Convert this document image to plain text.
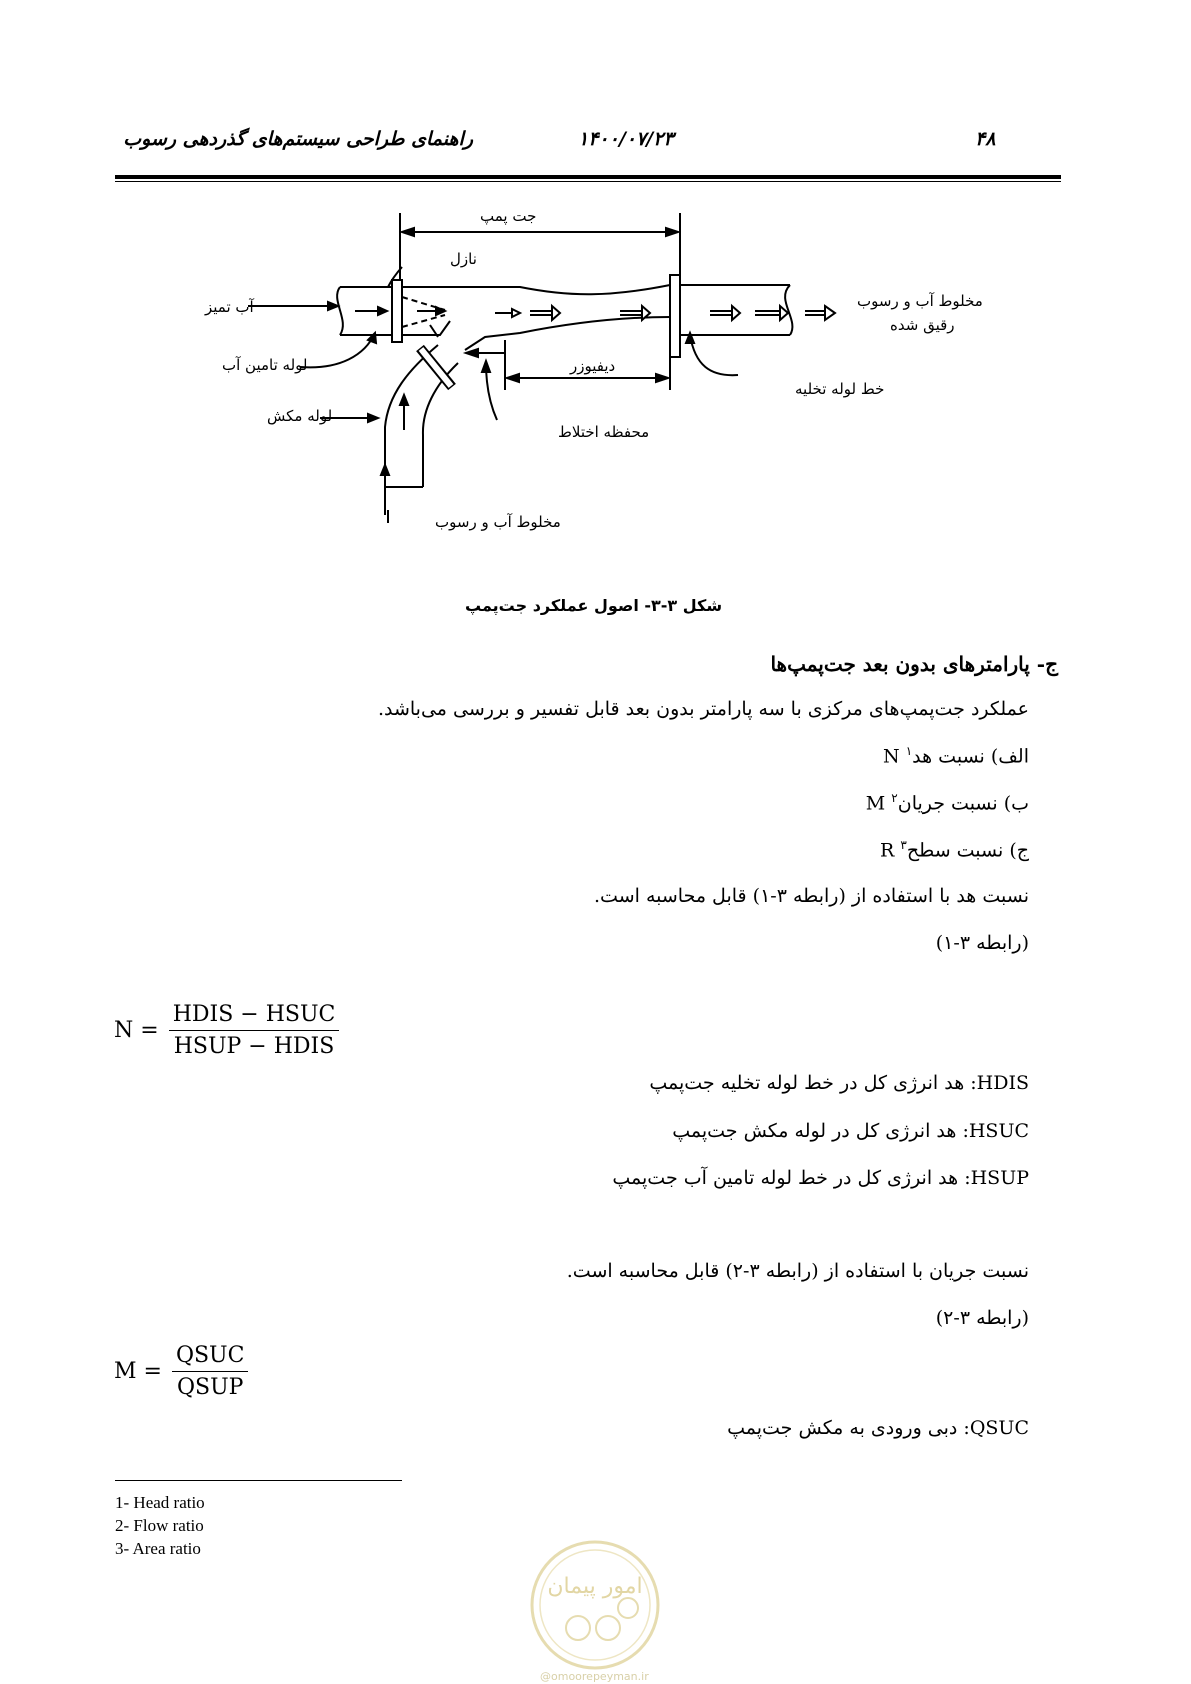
۴۸
۱۴۰۰/۰۷/۲۳
راهنمای طراحی سیستم‌های گذردهی رسوب
جت پمپ
نازل
آب تمیز
لوله تامین آب
لوله مکش
دیفیوزر
محفظه اختلاط
خط لوله تخلیه
مخلوط آب و رسوب
رقیق شده
مخلوط آب و رسوب
شکل ۳-۳- اصول عملکرد جت‌پمپ
ج- پارامترهای بدون بعد جت‌پمپ‌ها
عملکرد جت‌پمپ‌های مرکزی با سه پارامتر بدون بعد قابل تفسیر و بررسی می‌باشد.
الف) نسبت هد$^۱$ N
ب) نسبت جریان$^۲$ M
ج) نسبت سطح$^۳$ R
نسبت هد با استفاده از (رابطه ۳-۱) قابل محاسبه است.
(رابطه ۳-۱)
$N = \frac{\text{HDIS − HSUC}}{\text{HSUP − HDIS}}$
HDIS: هد انرژی کل در خط لوله تخلیه جت‌پمپ
HSUC: هد انرژی کل در لوله مکش جت‌پمپ
HSUP: هد انرژی کل در خط لوله تامین آب جت‌پمپ
نسبت جریان با استفاده از (رابطه ۳-۲) قابل محاسبه است.
(رابطه ۳-۲)
$M = \frac{\text{QSUC}}{\text{QSUP}}$
QSUC: دبی ورودی به مکش جت‌پمپ
1- Head ratio
2- Flow ratio
3- Area ratio
امور پیمان
@omoorepeyman.ir
